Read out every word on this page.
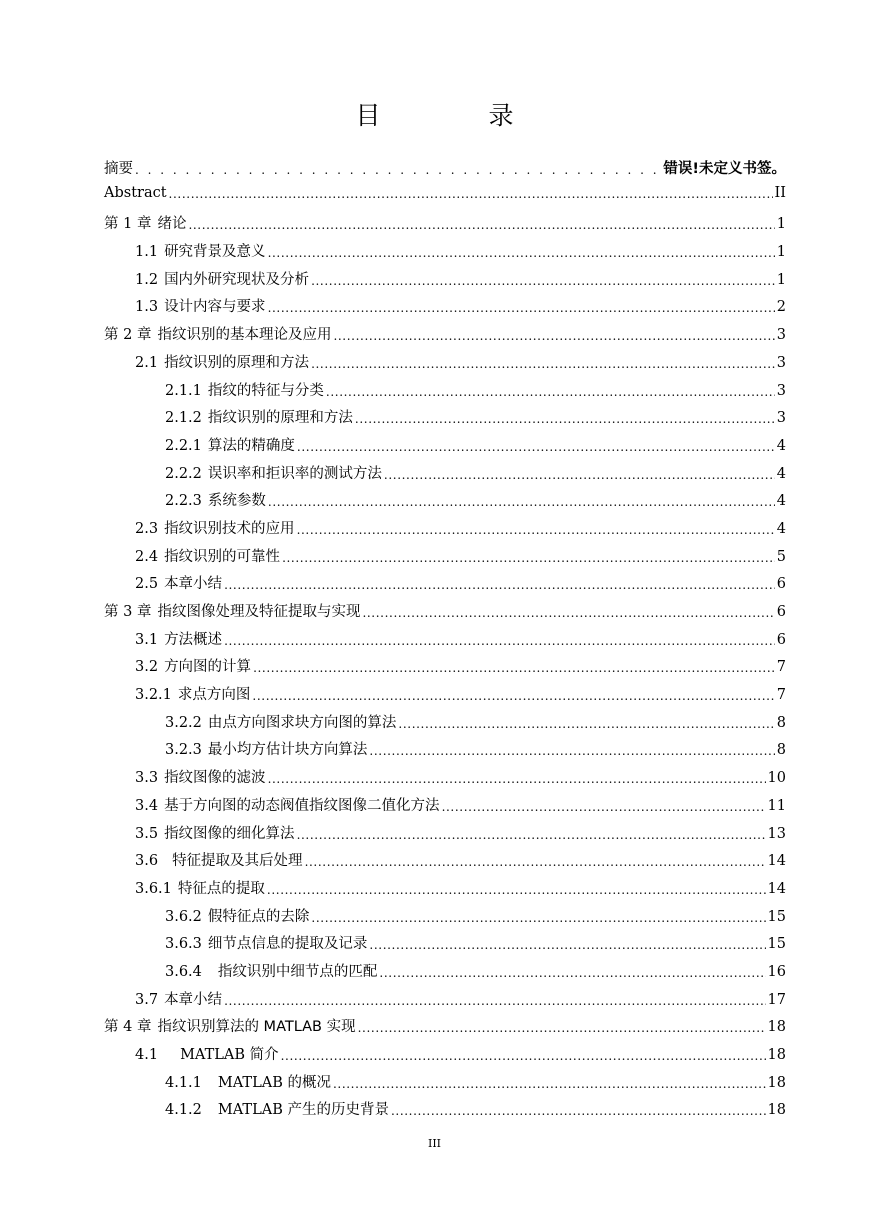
目 录
摘要 . . .	错误!未定义书签。
Abstract . . .	II
第 1 章 绪论 . . .	1
1.1 研究背景及意义 . . .	1
1.2 国内外研究现状及分析 . . .	1
1.3 设计内容与要求 . . .	2
第 2 章 指纹识别的基本理论及应用 . . .	3
2.1 指纹识别的原理和方法 . . .	3
2.1.1 指纹的特征与分类 . . .	3
2.1.2 指纹识别的原理和方法 . . .	3
2.2.1 算法的精确度 . . .	4
2.2.2 误识率和拒识率的测试方法 . . .	4
2.2.3 系统参数 . . .	4
2.3 指纹识别技术的应用 . . .	4
2.4 指纹识别的可靠性 . . .	5
2.5 本章小结 . . .	6
第 3 章 指纹图像处理及特征提取与实现 . . .	6
3.1 方法概述 . . .	6
3.2 方向图的计算 . . .	7
3.2.1 求点方向图 . . .	7
3.2.2 由点方向图求块方向图的算法 . . .	8
3.2.3 最小均方估计块方向算法 . . .	8
3.3 指纹图像的滤波 . . .	10
3.4 基于方向图的动态阀值指纹图像二值化方法 . . .	11
3.5 指纹图像的细化算法 . . .	13
3.6 特征提取及其后处理 . . .	14
3.6.1 特征点的提取 . . .	14
3.6.2 假特征点的去除 . . .	15
3.6.3 细节点信息的提取及记录 . . .	15
3.6.4 指纹识别中细节点的匹配 . . .	16
3.7 本章小结 . . .	17
第 4 章 指纹识别算法的 MATLAB 实现 . . .	18
4.1 MATLAB 简介 . . .	18
4.1.1 MATLAB 的概况 . . .	18
4.1.2 MATLAB 产生的历史背景 . . .	18
III
